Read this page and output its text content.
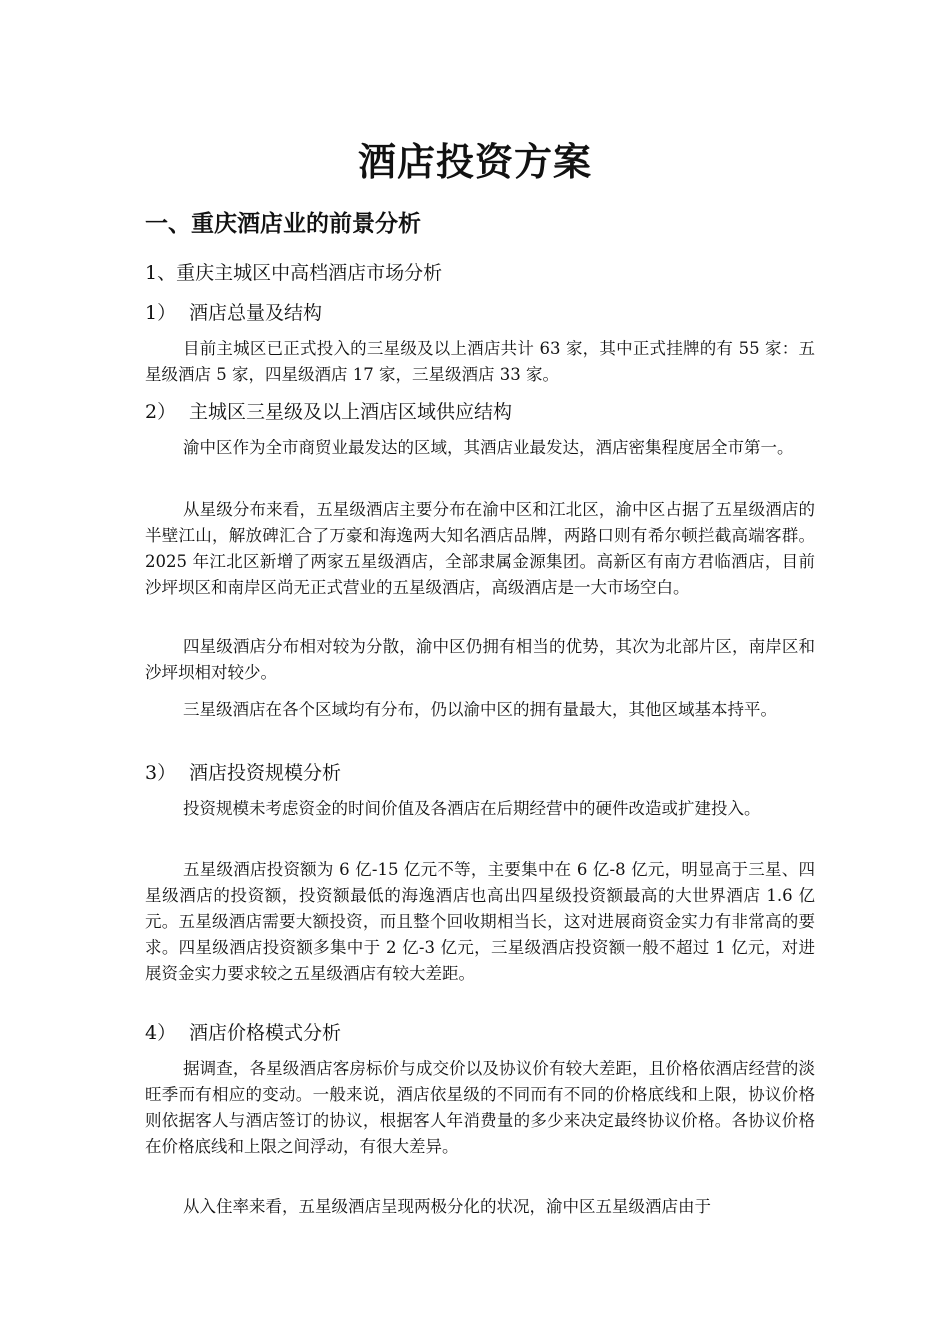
酒店投资方案
一、重庆酒店业的前景分析
1、重庆主城区中高档酒店市场分析
1） 酒店总量及结构

目前主城区已正式投入的三星级及以上酒店共计 63 家，其中正式挂牌的有 55 家：五星级酒店 5 家，四星级酒店 17 家，三星级酒店 33 家。

2） 主城区三星级及以上酒店区域供应结构

渝中区作为全市商贸业最发达的区域，其酒店业最发达，酒店密集程度居全市第一。

从星级分布来看，五星级酒店主要分布在渝中区和江北区，渝中区占据了五星级酒店的半壁江山，解放碑汇合了万豪和海逸两大知名酒店品牌，两路口则有希尔顿拦截高端客群。2025 年江北区新增了两家五星级酒店，全部隶属金源集团。高新区有南方君临酒店，目前沙坪坝区和南岸区尚无正式营业的五星级酒店，高级酒店是一大市场空白。

四星级酒店分布相对较为分散，渝中区仍拥有相当的优势，其次为北部片区，南岸区和沙坪坝相对较少。

三星级酒店在各个区域均有分布，仍以渝中区的拥有量最大，其他区域基本持平。

3） 酒店投资规模分析

投资规模未考虑资金的时间价值及各酒店在后期经营中的硬件改造或扩建投入。

五星级酒店投资额为 6 亿-15 亿元不等，主要集中在 6 亿-8 亿元，明显高于三星、四星级酒店的投资额，投资额最低的海逸酒店也高出四星级投资额最高的大世界酒店 1.6 亿元。五星级酒店需要大额投资，而且整个回收期相当长，这对进展商资金实力有非常高的要求。四星级酒店投资额多集中于 2 亿-3 亿元，三星级酒店投资额一般不超过 1 亿元，对进展资金实力要求较之五星级酒店有较大差距。

4） 酒店价格模式分析

据调查，各星级酒店客房标价与成交价以及协议价有较大差距，且价格依酒店经营的淡旺季而有相应的变动。一般来说，酒店依星级的不同而有不同的价格底线和上限，协议价格则依据客人与酒店签订的协议，根据客人年消费量的多少来决定最终协议价格。各协议价格在价格底线和上限之间浮动，有很大差异。

从入住率来看，五星级酒店呈现两极分化的状况，渝中区五星级酒店由于
